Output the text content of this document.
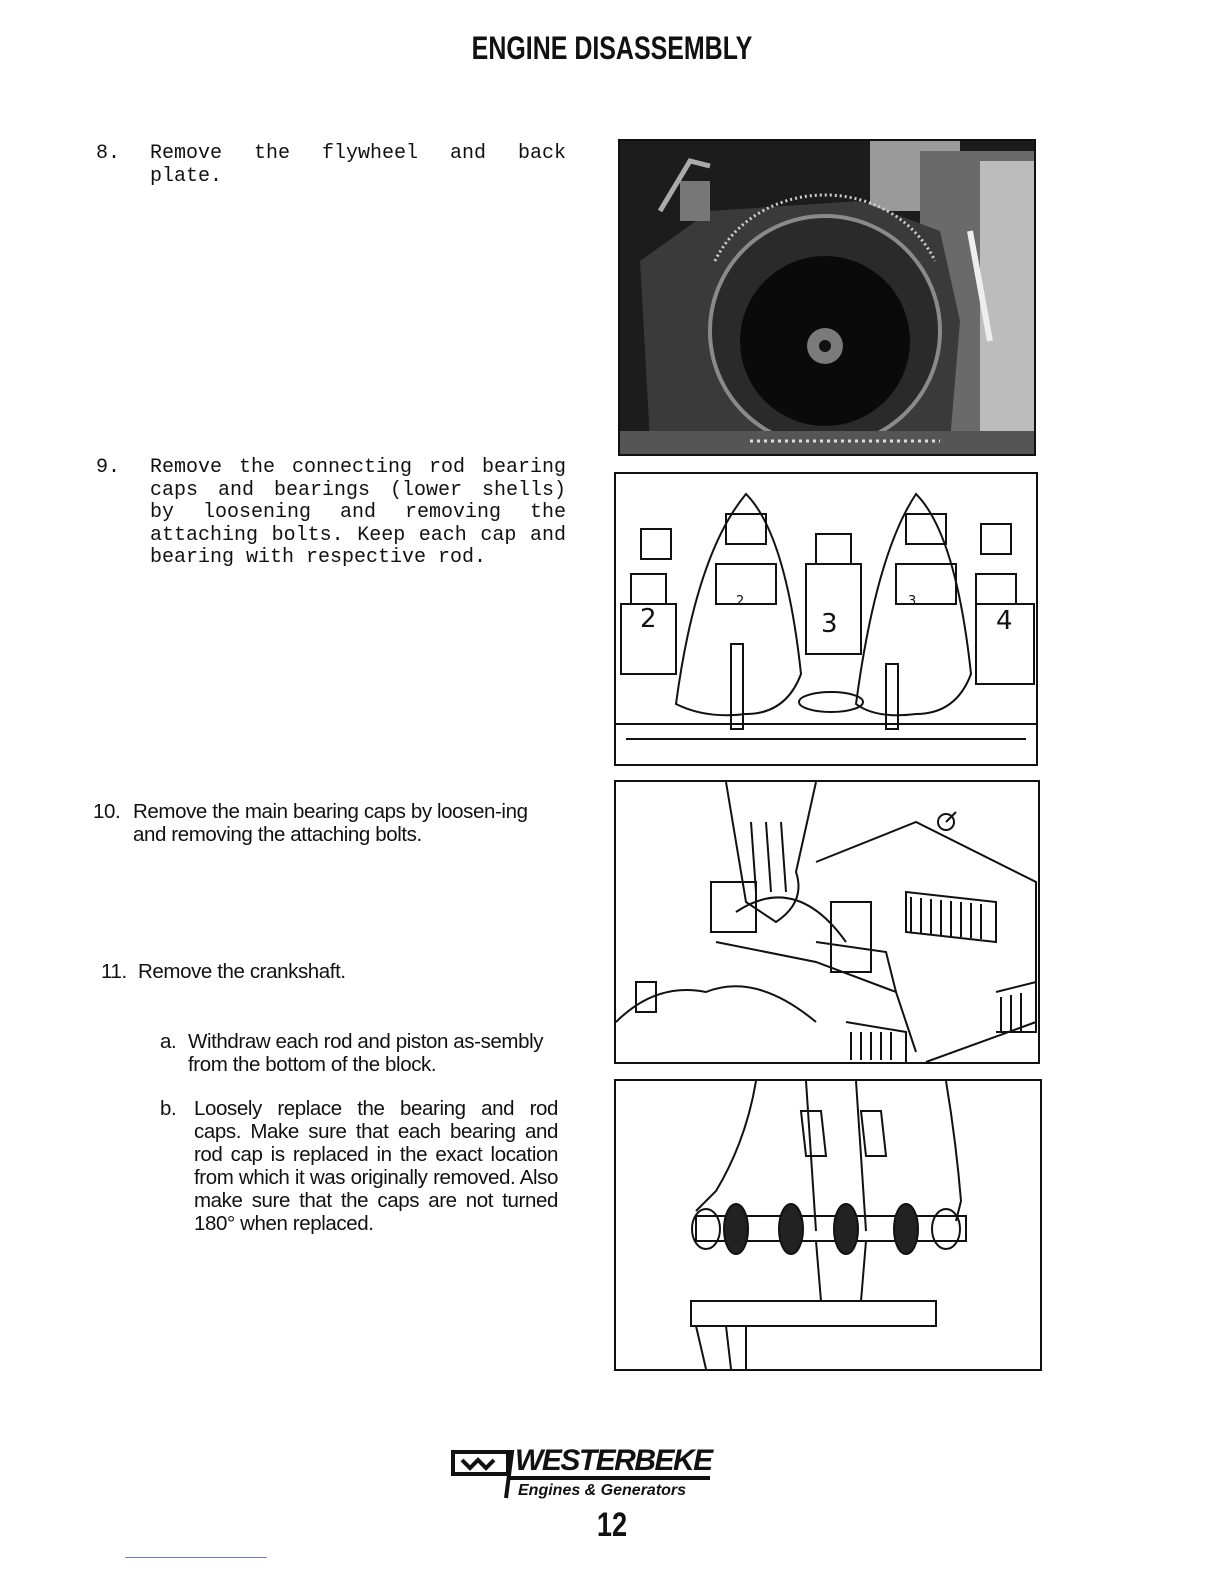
ENGINE DISASSEMBLY
8. Remove the flywheel and back plate.
9. Remove the connecting rod bearing caps and bearings (lower shells) by loosening and removing the attaching bolts. Keep each cap and bearing with respective rod.
10. Remove the main bearing caps by loosen-ing and removing the attaching bolts.
11. Remove the crankshaft.
a. Withdraw each rod and piston as-sembly from the bottom of the block.
b. Loosely replace the bearing and rod caps. Make sure that each bearing and rod cap is replaced in the exact location from which it was originally removed. Also make sure that the caps are not turned 180° when replaced.
2
2
3
3
4
WESTERBEKE
Engines & Generators
12
